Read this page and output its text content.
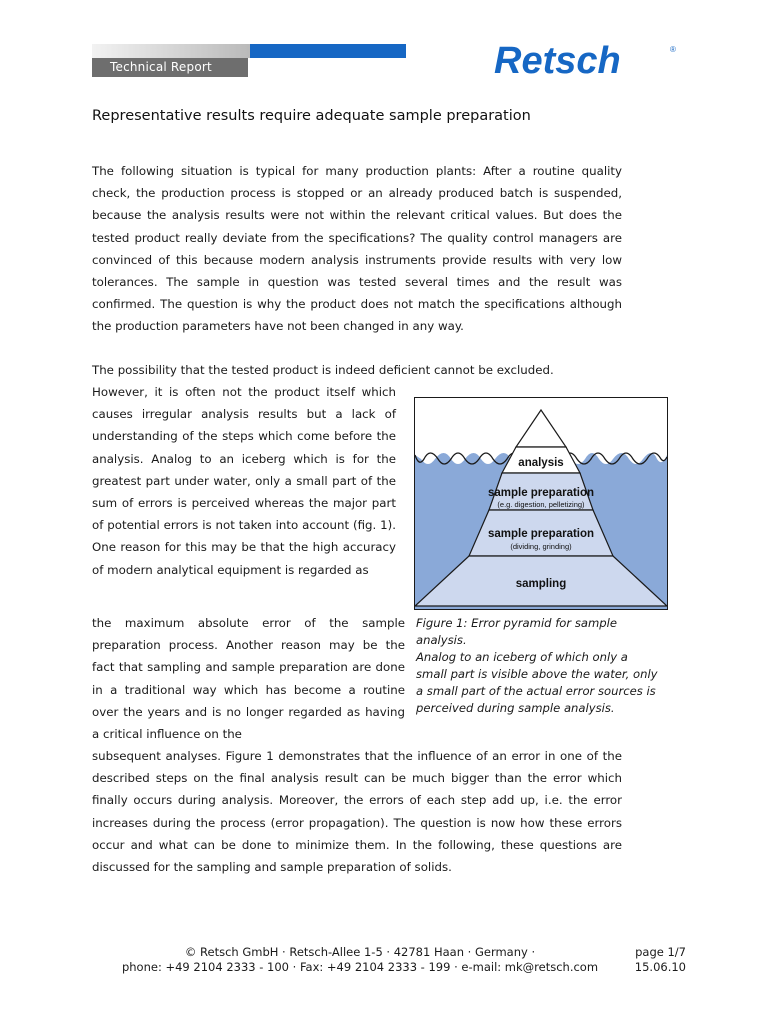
Technical Report	Retsch	®
Representative results require adequate sample preparation

The following situation is typical for many production plants: After a routine quality check, the production process is stopped or an already produced batch is suspended, because the analysis results were not within the relevant critical values. But does the tested product really deviate from the specifications? The quality control managers are convinced of this because modern analysis instruments provide results with very low tolerances. The sample in question was tested several times and the result was confirmed. The question is why the product does not match the specifications although the production parameters have not been changed in any way.

The possibility that the tested product is indeed deficient cannot be excluded.

However, it is often not the product itself which causes irregular analysis results but a lack of understanding of the steps which come before the analysis. Analog to an iceberg which is for the greatest part under water, only a small part of the sum of errors is perceived whereas the major part of potential errors is not taken into account (fig. 1). One reason for this may be that the high accuracy of modern analytical equipment is regarded as

the maximum absolute error of the sample preparation process. Another reason may be the fact that sampling and sample preparation are done in a traditional way which has become a routine over the years and is no longer regarded as having a critical influence on the

subsequent analyses. Figure 1 demonstrates that the influence of an error in one of the described steps on the final analysis result can be much bigger than the error which finally occurs during analysis. Moreover, the errors of each step add up, i.e. the error increases during the process (error propagation). The question is now how these errors occur and what can be done to minimize them. In the following, these questions are discussed for the sampling and sample preparation of solids.

analysis
sample preparation
(e.g. digestion, pelletizing)
sample preparation
(dividing, grinding)
sampling
Figure 1: Error pyramid for sample analysis.
Analog to an iceberg of which only a small part is visible above the water, only a small part of the actual error sources is perceived during sample analysis.
© Retsch GmbH · Retsch-Allee 1-5 · 42781 Haan · Germany ·
phone: +49 2104 2333 - 100 · Fax: +49 2104 2333 - 199 · e-mail: mk@retsch.com
page 1/7
15.06.10
